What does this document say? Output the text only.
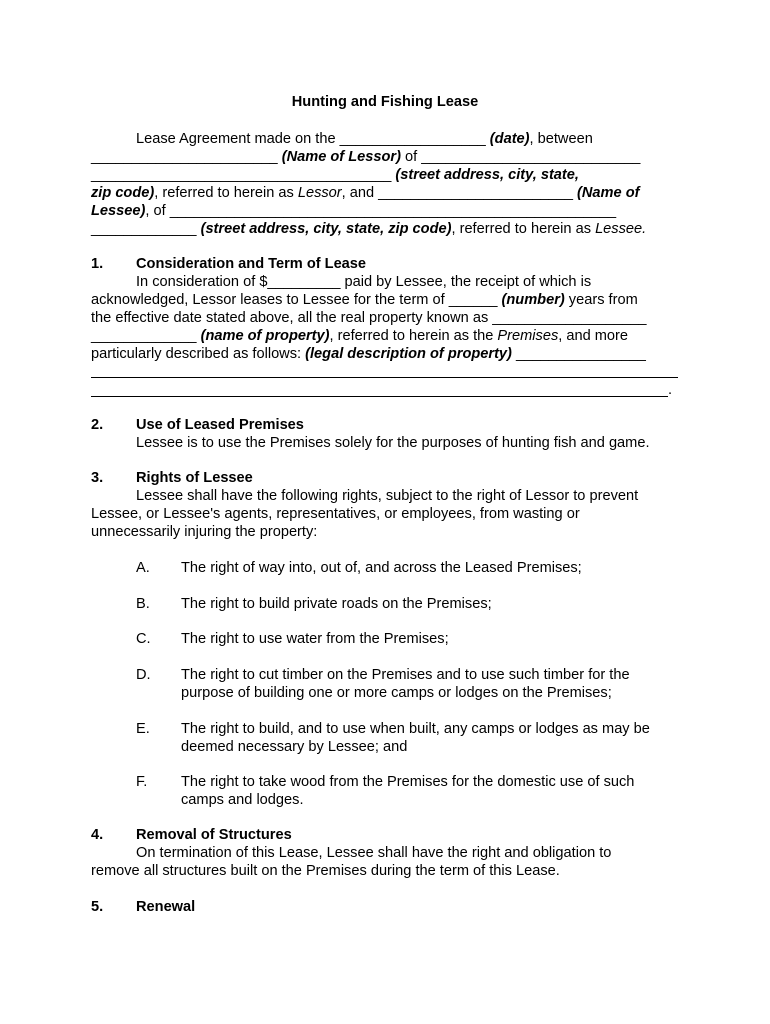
Hunting and Fishing Lease
Lease Agreement made on the __________________ (date), between
_______________________ (Name of Lessor) of ___________________________
_____________________________________ (street address, city, state,
zip code), referred to herein as Lessor, and ________________________ (Name of
Lessee), of _______________________________________________________
_____________ (street address, city, state, zip code), referred to herein as Lessee.
1. Consideration and Term of Lease
In consideration of $_________ paid by Lessee, the receipt of which is
acknowledged, Lessor leases to Lessee for the term of ______ (number) years from
the effective date stated above, all the real property known as ___________________
_____________ (name of property), referred to herein as the Premises, and more
particularly described as follows: (legal description of property) ________________
.
2. Use of Leased Premises
Lessee is to use the Premises solely for the purposes of hunting fish and game.
3. Rights of Lessee
Lessee shall have the following rights, subject to the right of Lessor to prevent
Lessee, or Lessee's agents, representatives, or employees, from wasting or
unnecessarily injuring the property:
A. The right of way into, out of, and across the Leased Premises;
B. The right to build private roads on the Premises;
C. The right to use water from the Premises;
D. The right to cut timber on the Premises and to use such timber for the
purpose of building one or more camps or lodges on the Premises;
E. The right to build, and to use when built, any camps or lodges as may be
deemed necessary by Lessee; and
F. The right to take wood from the Premises for the domestic use of such
camps and lodges.
4. Removal of Structures
On termination of this Lease, Lessee shall have the right and obligation to
remove all structures built on the Premises during the term of this Lease.
5. Renewal
